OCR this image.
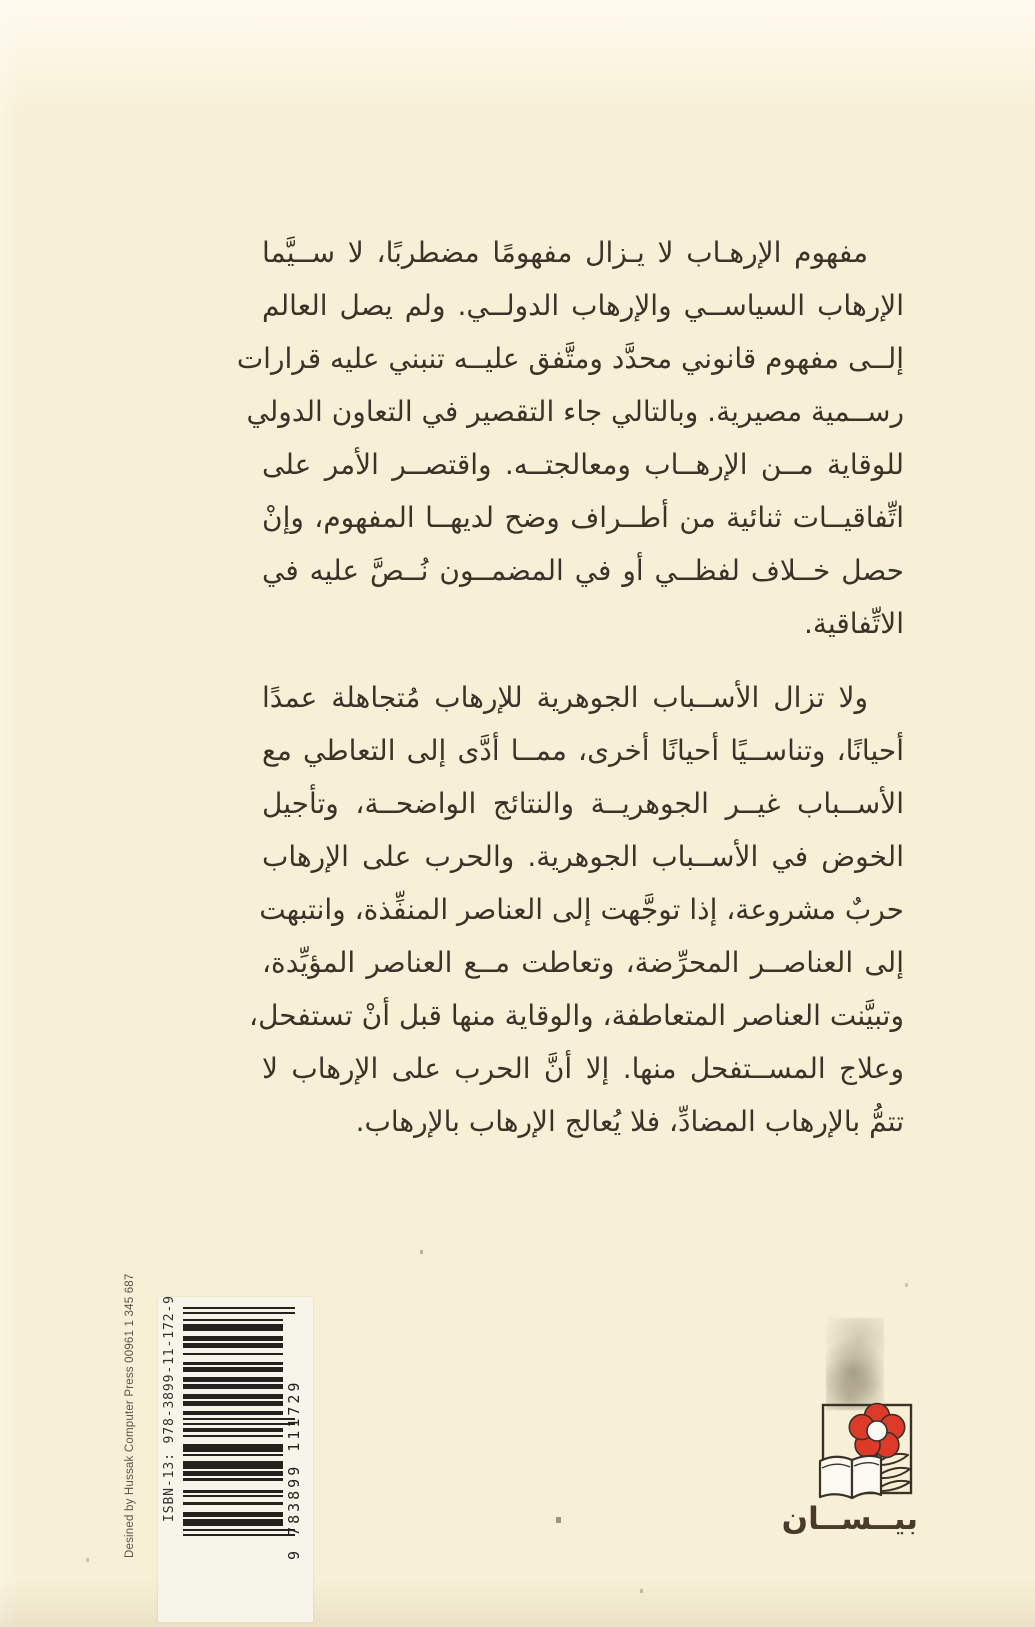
مفهوم الإرهـاب لا يـزال مفهومًا مضطربًا، لا ســيَّما
الإرهاب السياســي والإرهاب الدولــي. ولم يصل العالم
إلــى مفهوم قانوني محدَّد ومتَّفق عليــه تنبني عليه قرارات
رســمية مصيرية. وبالتالي جاء التقصير في التعاون الدولي
للوقاية مــن الإرهــاب ومعالجتــه. واقتصــر الأمر على
اتِّفاقيــات ثنائية من أطــراف وضح لديهــا المفهوم، وإنْ
حصل خــلاف لفظــي أو في المضمــون نُــصَّ عليه في
الاتِّفاقية.
ولا تزال الأســباب الجوهرية للإرهاب مُتجاهلة عمدًا
أحيانًا، وتناســيًا أحيانًا أخرى، ممــا أدَّى إلى التعاطي مع
الأســباب غيــر الجوهريــة والنتائج الواضحــة، وتأجيل
الخوض في الأســباب الجوهرية. والحرب على الإرهاب
حربٌ مشروعة، إذا توجَّهت إلى العناصر المنفِّذة، وانتبهت
إلى العناصــر المحرِّضة، وتعاطت مــع العناصر المؤيِّدة،
وتبيَّنت العناصر المتعاطفة، والوقاية منها قبل أنْ تستفحل،
وعلاج المســتفحل منها. إلا أنَّ الحرب على الإرهاب لا
تتمُّ بالإرهاب المضادِّ، فلا يُعالج الإرهاب بالإرهاب.
Desined by Hussak Computer Press 00961 1 345 687	ISBN-13: 978-3899-11-172-9	9 783899 111729	بيــســان
